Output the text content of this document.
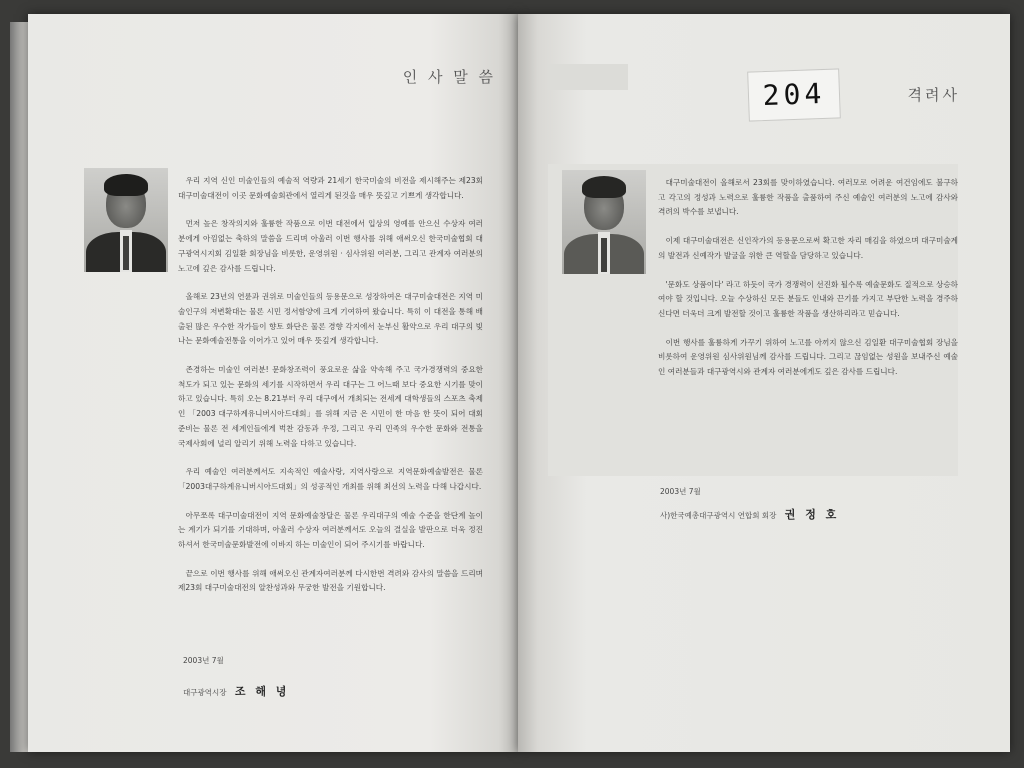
인 사 말 씀

우리 지역 신인 미술인들의 예술적 역량과 21세기 한국미술의 비전을 제시해주는 제23회 대구미술대전이 이곳 문화예술회관에서 열리게 된것을 매우 뜻깊고 기쁘게 생각합니다.

먼저 높은 창작의지와 훌륭한 작품으로 이번 대전에서 입상의 영예를 안으신 수상자 여러분에게 아낌없는 축하의 말씀을 드리며 아울러 이번 행사를 위해 애써오신 한국미술협회 대구광역시지회 김일환 회장님을 비롯한, 운영위원 · 심사위원 여러분, 그리고 관계자 여러분의 노고에 깊은 감사를 드립니다.

올해로 23년의 연륜과 권위로 미술인들의 등용문으로 성장하여온 대구미술대전은 지역 미술인구의 저변확대는 물론 시민 정서함양에 크게 기여하여 왔습니다. 특히 이 대전을 통해 배출된 많은 우수한 작가들이 향토 화단은 물론 경향 각지에서 눈부신 활약으로 우리 대구의 빛나는 문화예술전통을 이어가고 있어 매우 뜻깊게 생각합니다.

존경하는 미술인 여러분! 문화창조력이 풍요로운 삶을 약속해 주고 국가경쟁력의 중요한 척도가 되고 있는 문화의 세기를 시작하면서 우리 대구는 그 어느때 보다 중요한 시기를 맞이하고 있습니다. 특히 오는 8.21부터 우리 대구에서 개최되는 전세계 대학생들의 스포츠 축제인 「2003 대구하계유니버시아드대회」를 위해 지금 온 시민이 한 마음 한 뜻이 되어 대회 준비는 물론 전 세계인들에게 벅찬 감동과 우정, 그리고 우리 민족의 우수한 문화와 전통을 국제사회에 널리 알리기 위해 노력을 다하고 있습니다.

우리 예술인 여러분께서도 지속적인 예술사랑, 지역사랑으로 지역문화예술발전은 물론 「2003대구하계유니버시아드대회」의 성공적인 개최를 위해 최선의 노력을 다해 나갑시다.

아무쪼록 대구미술대전이 지역 문화예술창달은 물론 우리대구의 예술 수준을 한단계 높이는 계기가 되기를 기대하며, 아울러 수상자 여러분께서도 오늘의 결실을 발판으로 더욱 정진하셔서 한국미술문화발전에 이바지 하는 미술인이 되어 주시기를 바랍니다.

끝으로 이번 행사를 위해 애써오신 관계자여러분께 다시한번 격려와 감사의 말씀을 드리며 제23회 대구미술대전의 알찬성과와 무궁한 발전을 기원합니다.

2003년 7월
대구광역시장 조 해 녕
204	격려사

대구미술대전이 올해로서 23회를 맞이하였습니다. 여러모로 어려운 여건임에도 불구하고 각고의 정성과 노력으로 훌륭한 작품을 출품하여 주신 예술인 여러분의 노고에 감사와 격려의 박수를 보냅니다.

이제 대구미술대전은 신인작가의 등용문으로써 확고한 자리 매김을 하였으며 대구미술계의 발전과 신예작가 발굴을 위한 큰 역할을 담당하고 있습니다.

'문화도 상품이다' 라고 하듯이 국가 경쟁력이 선진화 될수록 예술문화도 질적으로 상승하여야 할 것입니다. 오늘 수상하신 모든 분들도 인내와 끈기를 가지고 부단한 노력을 경주하신다면 더욱더 크게 발전할 것이고 훌륭한 작품을 생산하리라고 믿습니다.

이번 행사를 훌륭하게 가꾸기 위하여 노고를 아끼지 않으신 김일환 대구미술협회 장님을 비롯하여 운영위원 심사위원님께 감사를 드립니다. 그리고 끊임없는 성원을 보내주신 예술인 여러분들과 대구광역시와 관계자 여러분에게도 깊은 감사를 드립니다.

2003년 7월
사)한국예총대구광역시 연합회 회장 권 정 호
